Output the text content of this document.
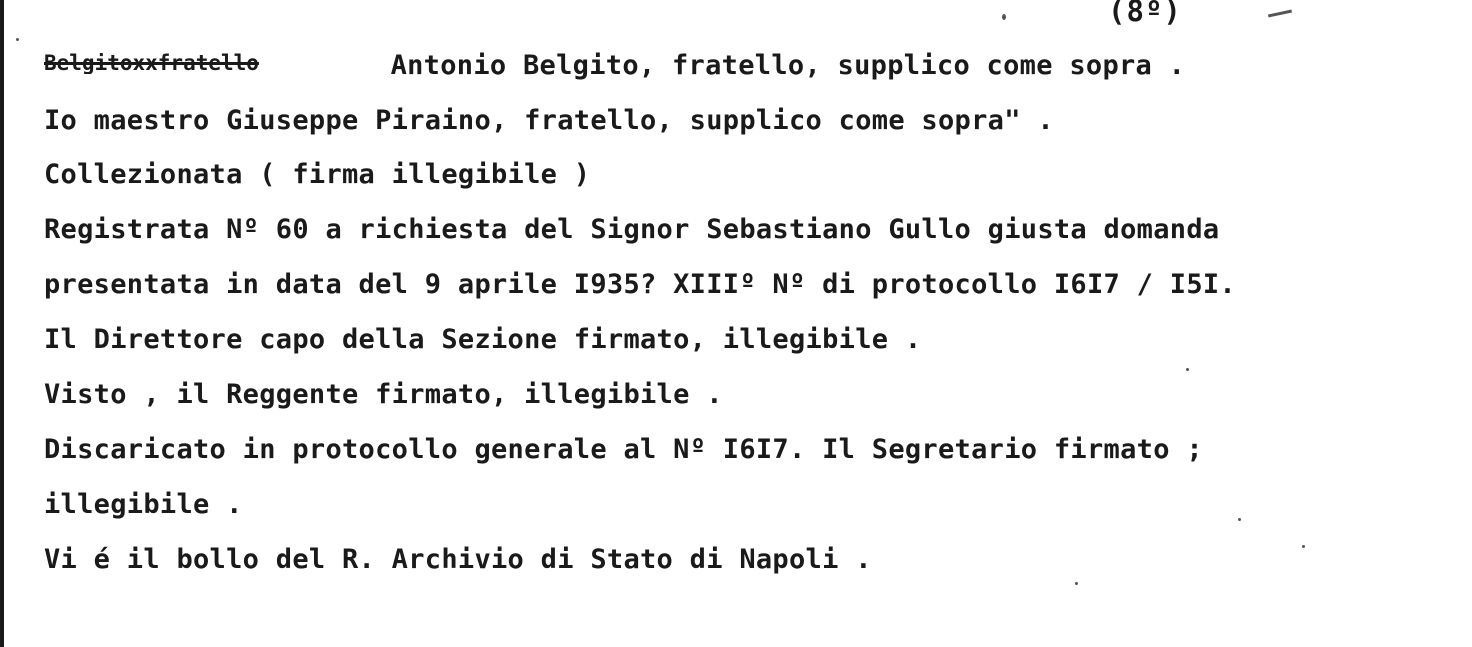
(8º)
Belgitoxxfratello	Antonio Belgito, fratello, supplico come sopra .
Io maestro Giuseppe Piraino, fratello, supplico come sopra" .
Collezionata ( firma illegibile )
Registrata Nº 60 a richiesta del Signor Sebastiano Gullo giusta domanda
presentata in data del 9 aprile I935? XIIIº Nº di protocollo I6I7 / I5I.
Il Direttore capo della Sezione firmato, illegibile .
Visto , il Reggente firmato, illegibile .
Discaricato in protocollo generale al Nº I6I7. Il Segretario firmato ;
illegibile .
Vi é il bollo del R. Archivio di Stato di Napoli .
